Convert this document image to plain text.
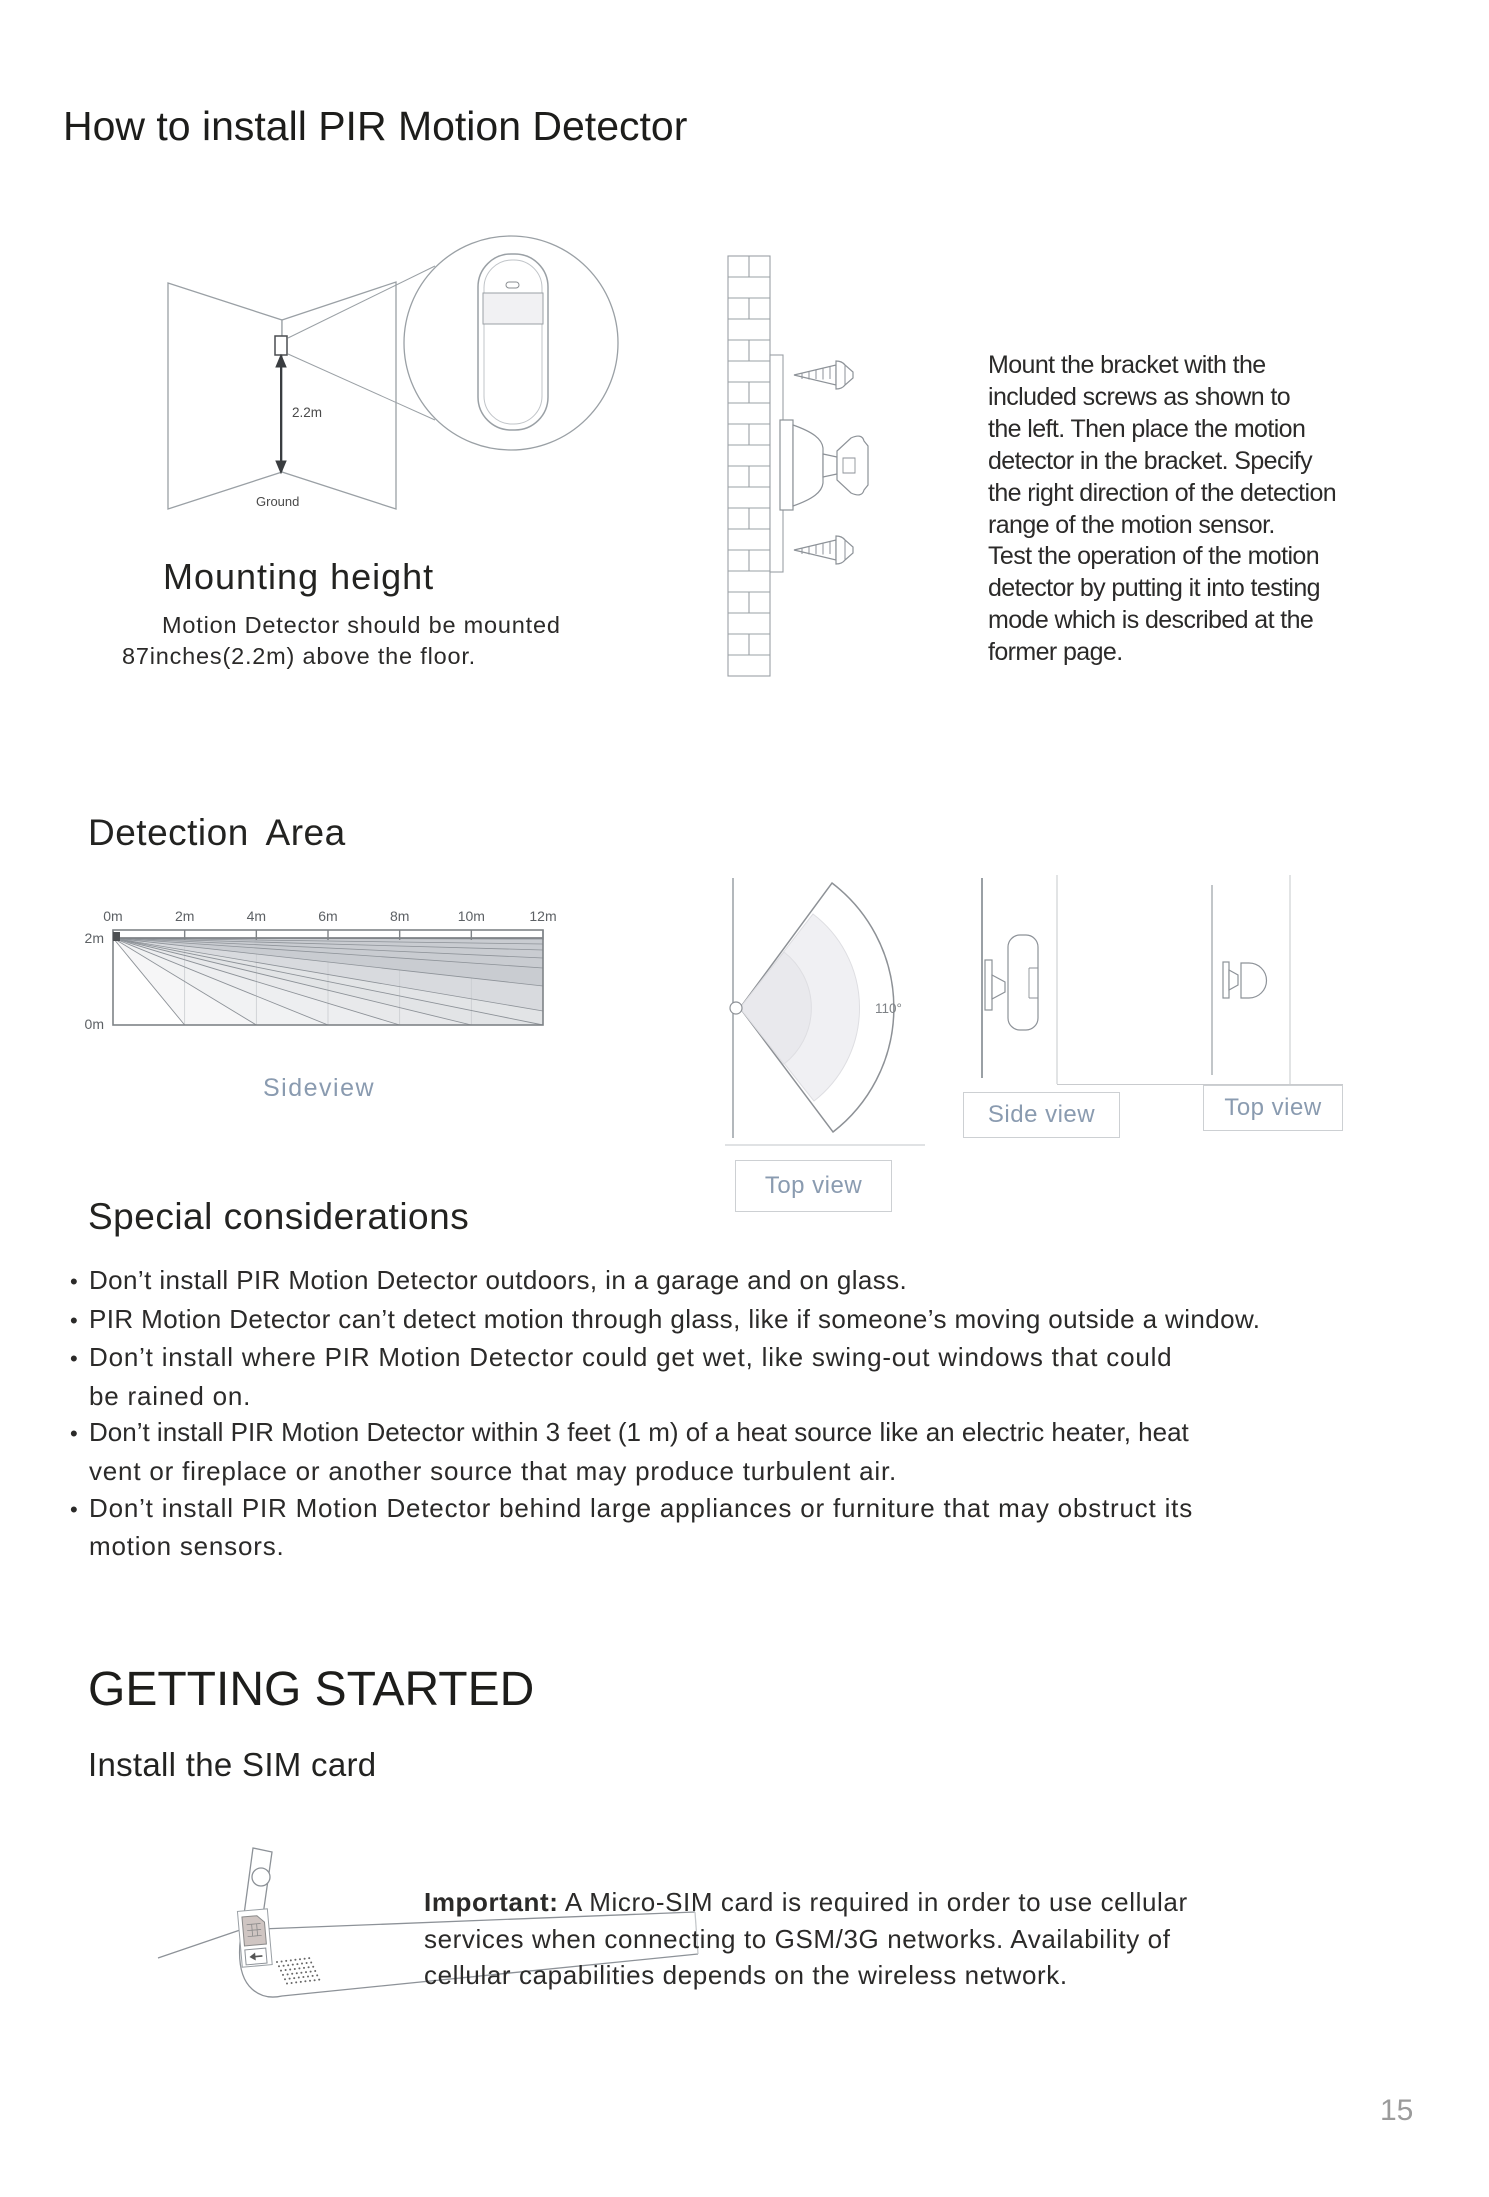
How to install PIR Motion Detector
2.2m
Ground
Mount the bracket with the
included screws as shown to
the left. Then place the motion
detector in the bracket. Specify
the right direction of the detection
range of the motion sensor.
Test the operation of the motion
detector by putting it into testing
mode which is described at the
former page.
Mounting height
Motion Detector should be mounted
87inches(2.2m) above the floor.
Detection Area
0m	2m	4m	6m	8m	10m	12m
2m
0m
Sideview
110°
Top view
Side view	Top view
Special considerations
• Don’t install PIR Motion Detector outdoors, in a garage and on glass.
• PIR Motion Detector can’t detect motion through glass, like if someone’s moving outside a window.
• Don’t install where PIR Motion Detector could get wet, like swing-out windows that could
be rained on.
• Don’t install PIR Motion Detector within 3 feet (1 m) of a heat source like an electric heater, heat
vent or fireplace or another source that may produce turbulent air.
• Don’t install PIR Motion Detector behind large appliances or furniture that may obstruct its
motion sensors.
GETTING STARTED
Install the SIM card
Important: A Micro-SIM card is required in order to use cellular
services when connecting to GSM/3G networks. Availability of
cellular capabilities depends on the wireless network.
15
